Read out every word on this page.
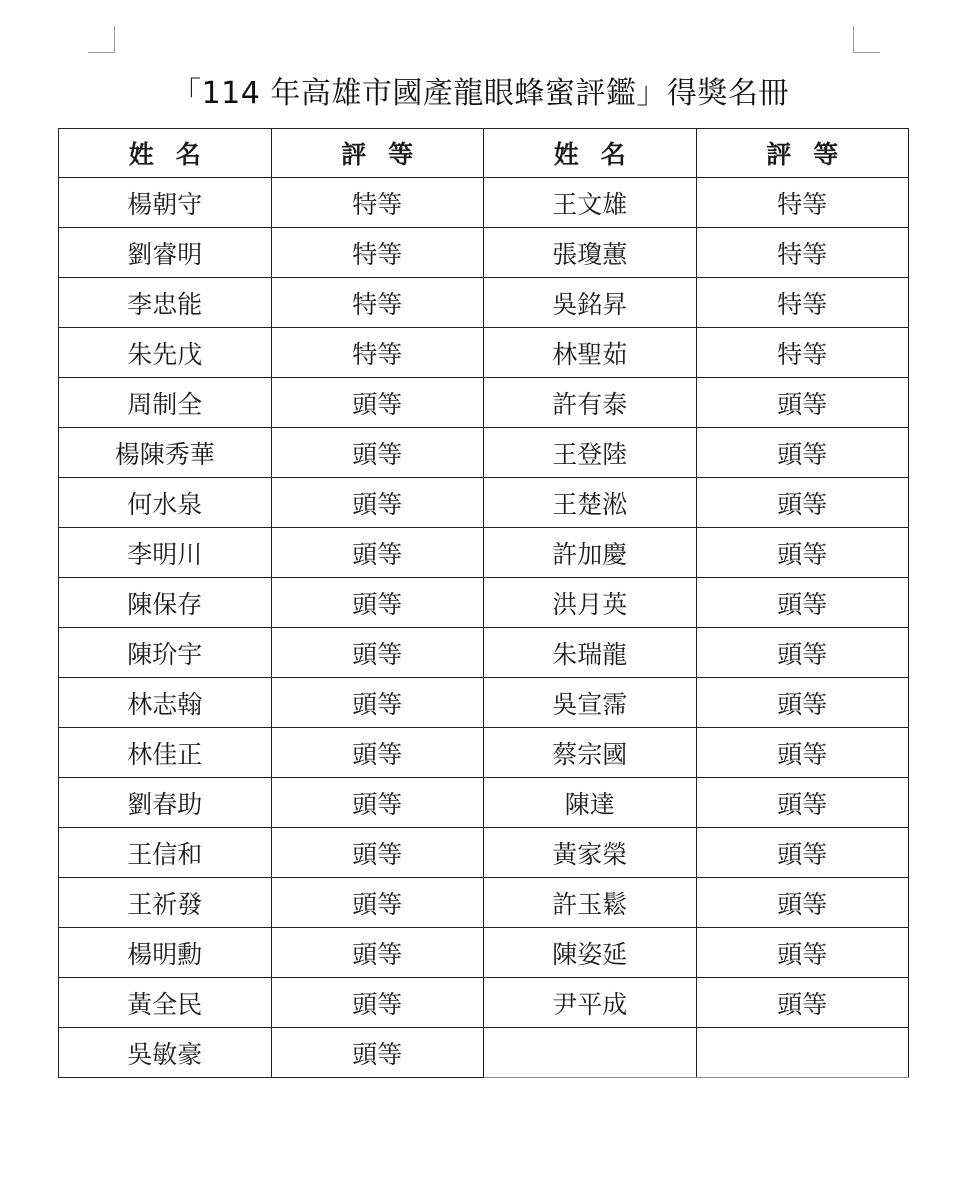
「114 年高雄市國產龍眼蜂蜜評鑑」得獎名冊
姓名	評等	姓名	評等
楊朝守	特等	王文雄	特等
劉睿明	特等	張瓊蕙	特等
李忠能	特等	吳銘昇	特等
朱先戊	特等	林聖茹	特等
周制全	頭等	許有泰	頭等
楊陳秀華	頭等	王登陸	頭等
何水泉	頭等	王楚淞	頭等
李明川	頭等	許加慶	頭等
陳保存	頭等	洪月英	頭等
陳玠宇	頭等	朱瑞龍	頭等
林志翰	頭等	吳宣霈	頭等
林佳正	頭等	蔡宗國	頭等
劉春助	頭等	陳達	頭等
王信和	頭等	黃家榮	頭等
王祈發	頭等	許玉鬆	頭等
楊明勳	頭等	陳姿延	頭等
黃全民	頭等	尹平成	頭等
吳敏豪	頭等		
